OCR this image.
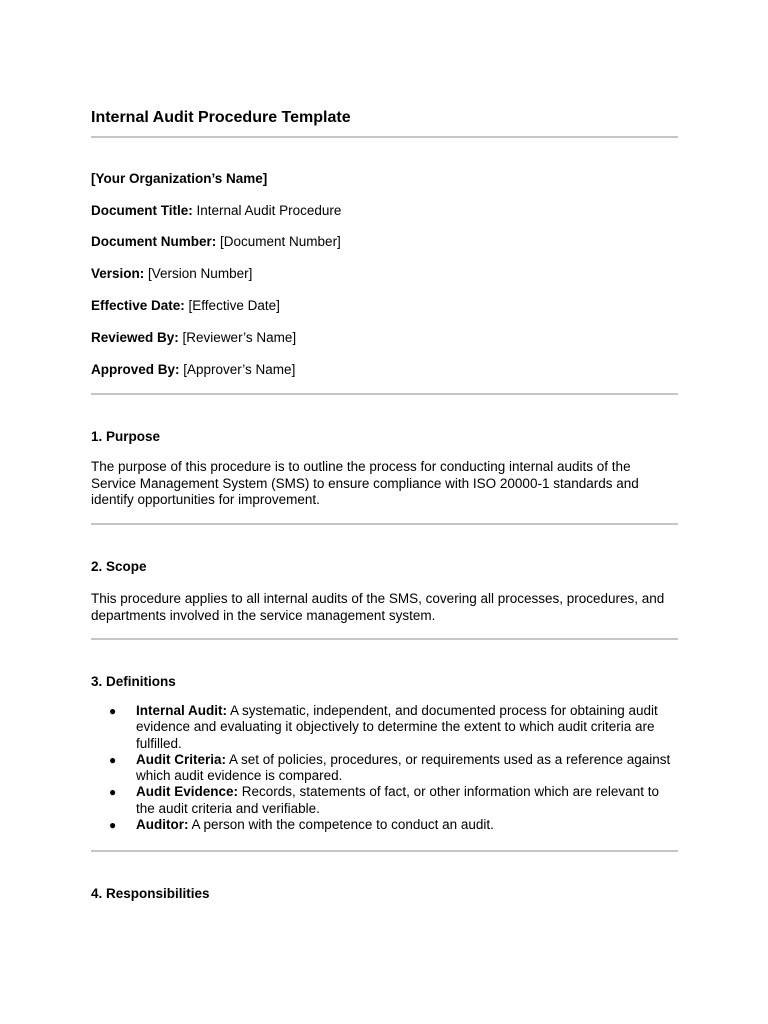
Internal Audit Procedure Template
[Your Organization’s Name]
Document Title: Internal Audit Procedure
Document Number: [Document Number]
Version: [Version Number]
Effective Date: [Effective Date]
Reviewed By: [Reviewer’s Name]
Approved By: [Approver’s Name]
1. Purpose
The purpose of this procedure is to outline the process for conducting internal audits of the Service Management System (SMS) to ensure compliance with ISO 20000-1 standards and identify opportunities for improvement.
2. Scope
This procedure applies to all internal audits of the SMS, covering all processes, procedures, and departments involved in the service management system.
3. Definitions
● Internal Audit: A systematic, independent, and documented process for obtaining audit evidence and evaluating it objectively to determine the extent to which audit criteria are fulfilled.
● Audit Criteria: A set of policies, procedures, or requirements used as a reference against which audit evidence is compared.
● Audit Evidence: Records, statements of fact, or other information which are relevant to the audit criteria and verifiable.
● Auditor: A person with the competence to conduct an audit.
4. Responsibilities
